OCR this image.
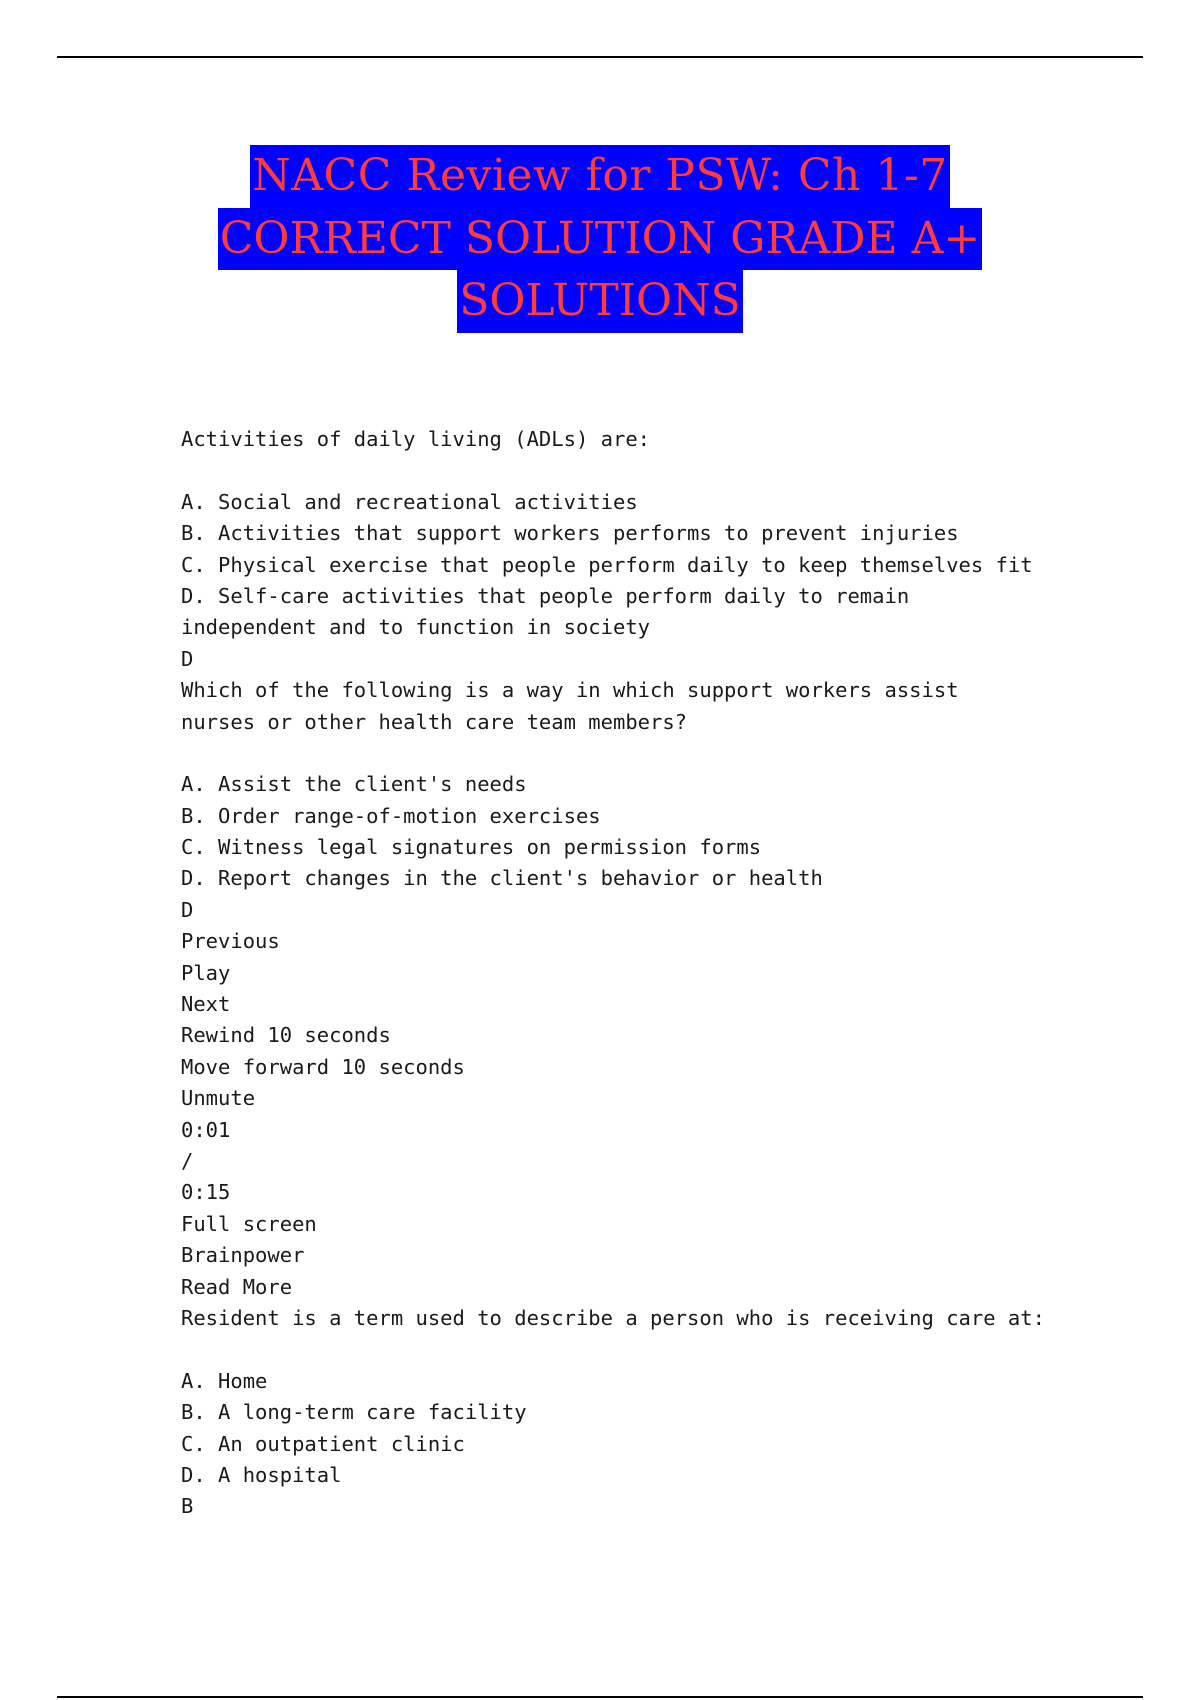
NACC Review for PSW: Ch 1-7
CORRECT SOLUTION GRADE A+
SOLUTIONS
Activities of daily living (ADLs) are:
A. Social and recreational activities
B. Activities that support workers performs to prevent injuries
C. Physical exercise that people perform daily to keep themselves fit
D. Self-care activities that people perform daily to remain
independent and to function in society
D
Which of the following is a way in which support workers assist
nurses or other health care team members?
A. Assist the client's needs
B. Order range-of-motion exercises
C. Witness legal signatures on permission forms
D. Report changes in the client's behavior or health
D
Previous
Play
Next
Rewind 10 seconds
Move forward 10 seconds
Unmute
0:01
/
0:15
Full screen
Brainpower
Read More
Resident is a term used to describe a person who is receiving care at:
A. Home
B. A long-term care facility
C. An outpatient clinic
D. A hospital
B
